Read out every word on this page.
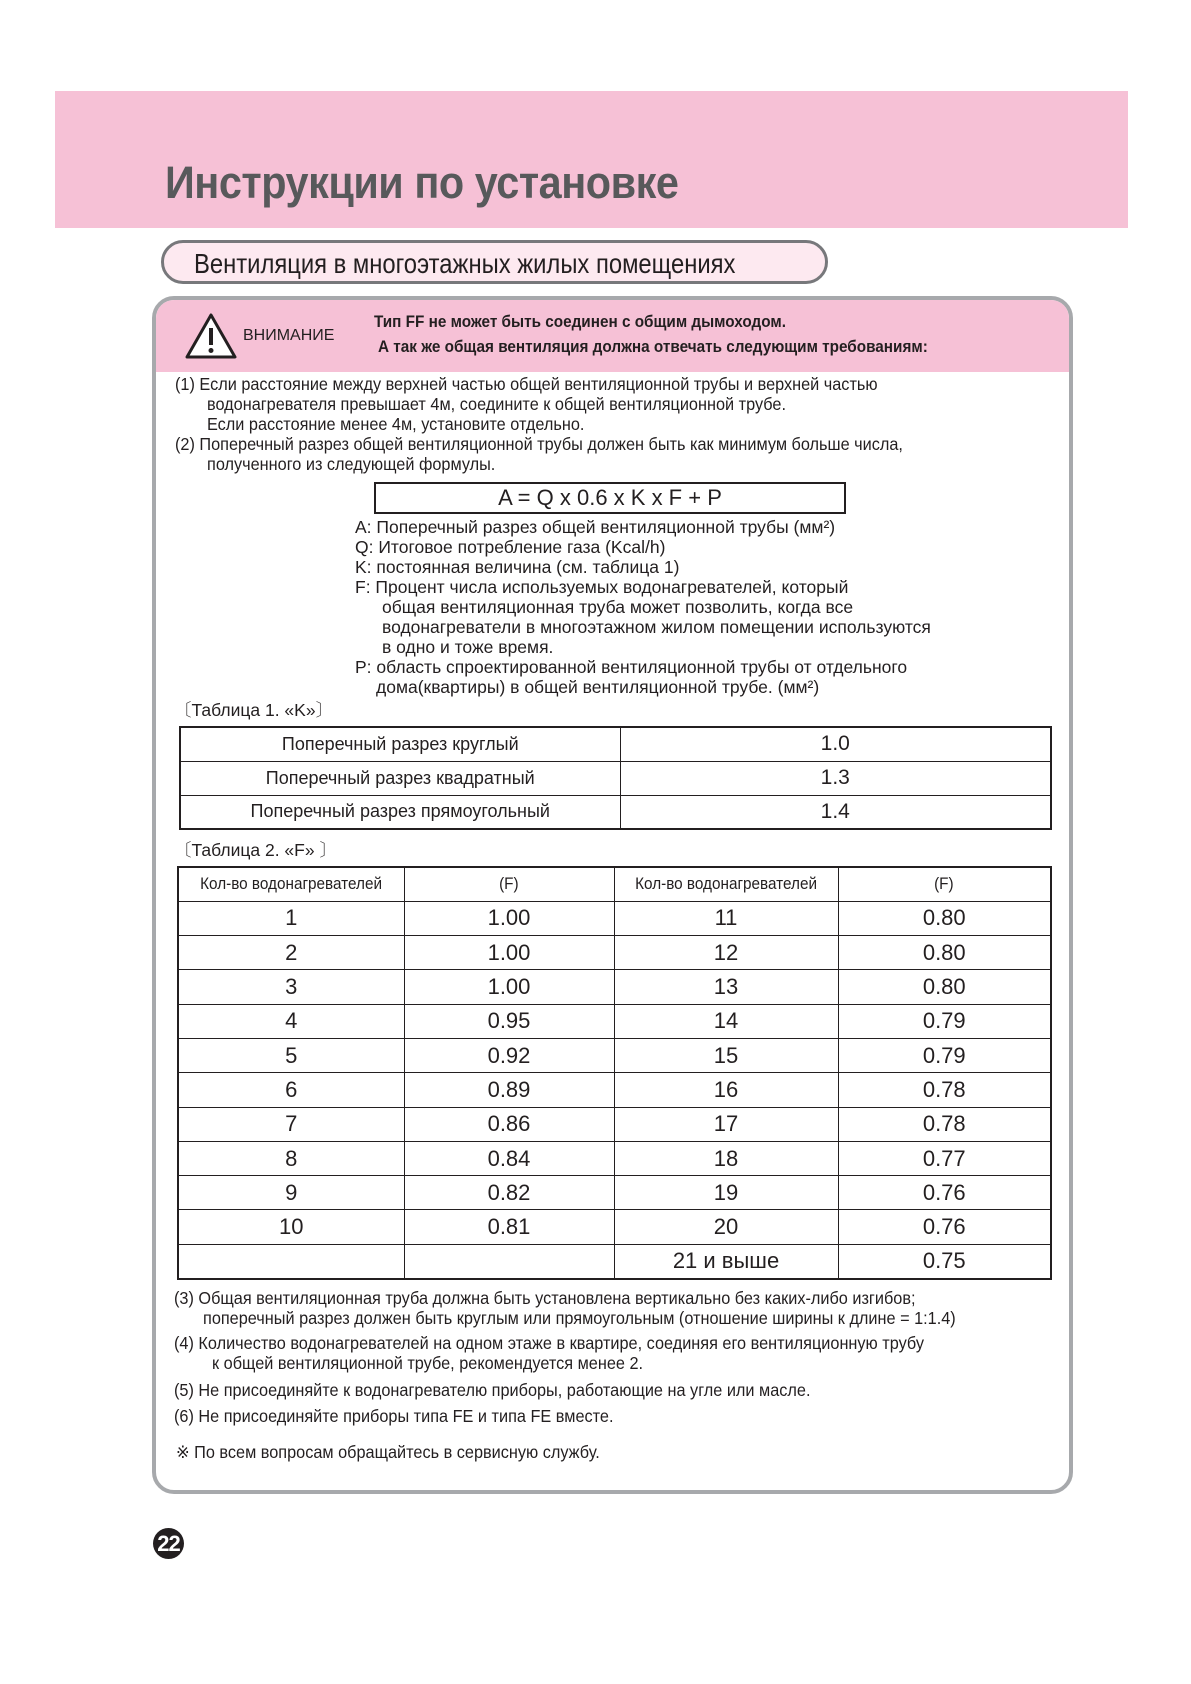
Инструкции по установке
Вентиляция в многоэтажных жилых помещениях
ВНИМАНИЕ
Тип FF не может быть соединен с общим дымоходом.
А так же общая вентиляция должна отвечать следующим требованиям:
(1) Если расстояние между верхней частью общей вентиляционной трубы и верхней частью
водонагревателя превышает 4м, соедините к общей вентиляционной трубе.
Если расстояние менее 4м, установите отдельно.
(2) Поперечный разрез общей вентиляционной трубы должен быть как минимум больше числа,
полученного из следующей формулы.
A = Q x 0.6 x K x F + P
A: Поперечный разрез общей вентиляционной трубы (мм²)
Q: Итоговое потребление газа (Kcal/h)
K: постоянная величина (см. таблица 1)
F: Процент числа используемых водонагревателей, который
общая вентиляционная труба может позволить, когда все
водонагреватели в многоэтажном жилом помещении используются
в одно и тоже время.
P: область спроектированной вентиляционной трубы от отдельного
дома(квартиры) в общей вентиляционной трубе. (мм²)
〔Таблица 1. «K»〕
Поперечный разрез круглый	1.0
Поперечный разрез квадратный	1.3
Поперечный разрез прямоугольный	1.4
〔Таблица 2. «F» 〕
Кол-во водонагревателей	(F)	Кол-во водонагревателей	(F)
1	1.00	11	0.80
2	1.00	12	0.80
3	1.00	13	0.80
4	0.95	14	0.79
5	0.92	15	0.79
6	0.89	16	0.78
7	0.86	17	0.78
8	0.84	18	0.77
9	0.82	19	0.76
10	0.81	20	0.76
		21 и выше	0.75
(3) Общая вентиляционная труба должна быть установлена вертикально без каких-либо изгибов;
поперечный разрез должен быть круглым или прямоугольным (отношение ширины к длине = 1:1.4)
(4) Количество водонагревателей на одном этаже в квартире, соединяя его вентиляционную трубу
к общей вентиляционной трубе, рекомендуется менее 2.
(5) Не присоединяйте к водонагревателю приборы, работающие на угле или масле.
(6) Не присоединяйте приборы типа FE и типа FE вместе.
※ По всем вопросам обращайтесь в сервисную службу.
22
